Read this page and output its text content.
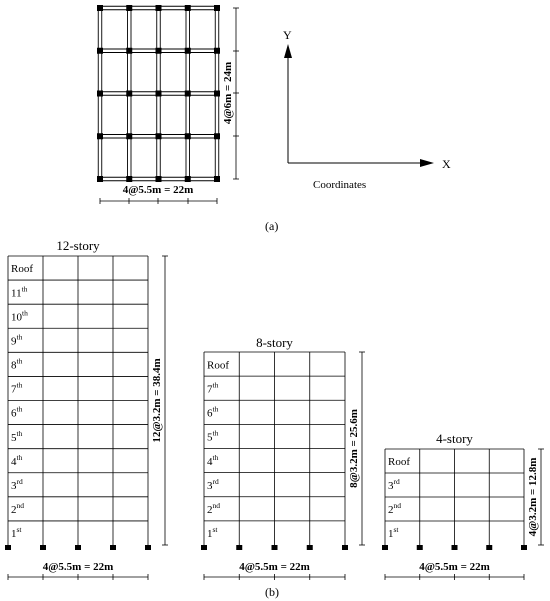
4@6m = 24m
4@5.5m = 22m
Y
X
Coordinates
(a)
Roof
11th
10th
9th
8th
7th
6th
5th
4th
3rd
2nd
1st
12-story
12@3.2m = 38.4m
4@5.5m = 22m
Roof
7th
6th
5th
4th
3rd
2nd
1st
8-story
8@3.2m = 25.6m
4@5.5m = 22m
Roof
3rd
2nd
1st
4-story
4@3.2m = 12.8m
4@5.5m = 22m
(b)
